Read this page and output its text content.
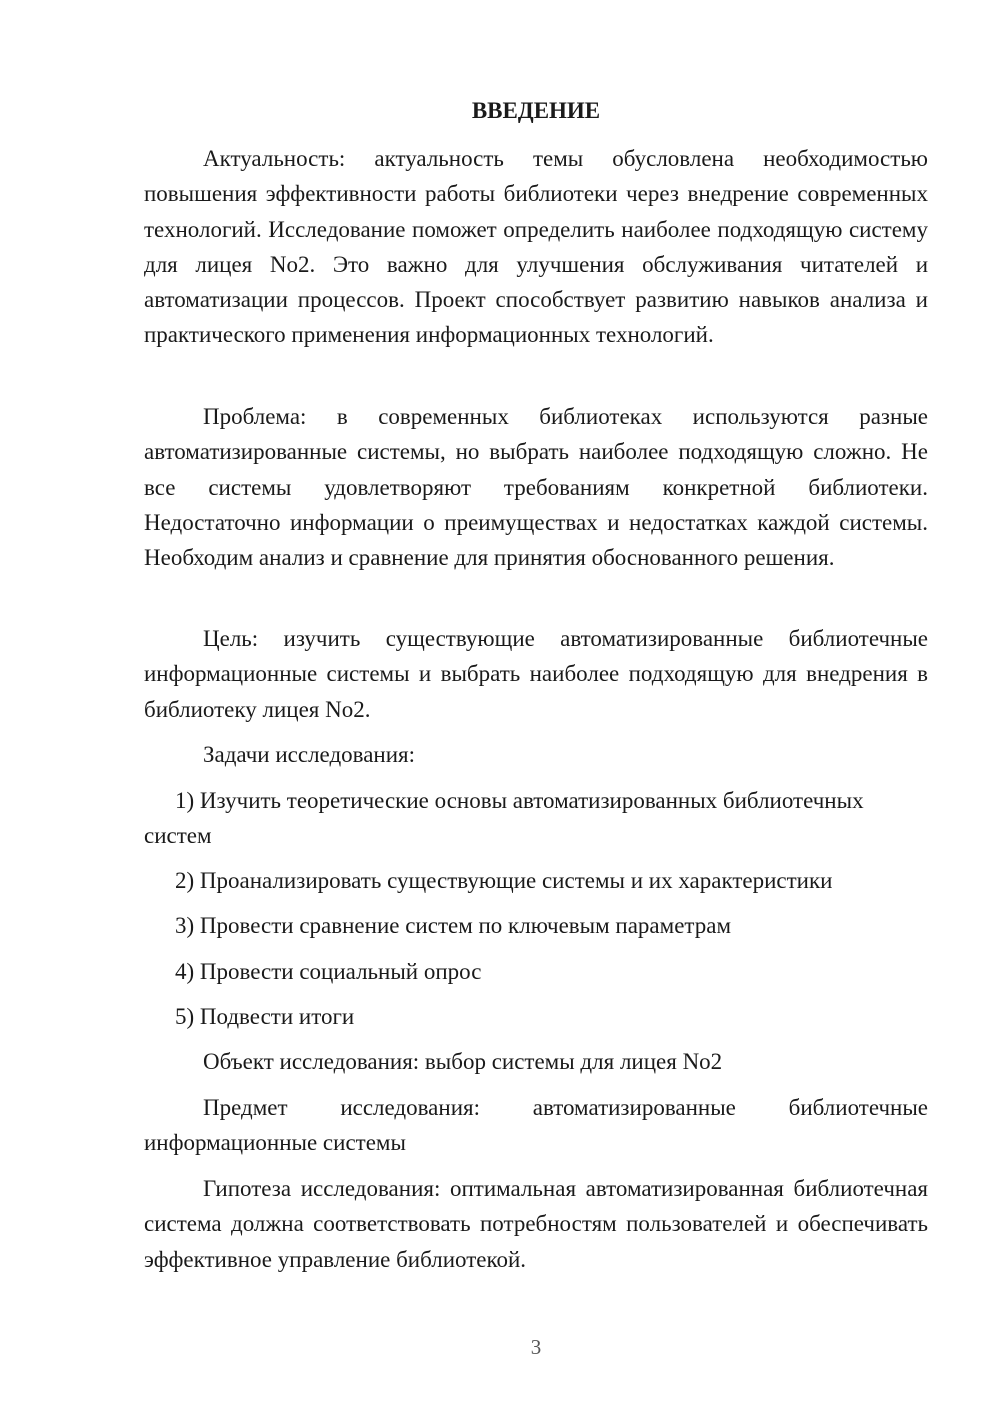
ВВЕДЕНИЕ

Актуальность: актуальность темы обусловлена необходимостью повышения эффективности работы библиотеки через внедрение современных технологий. Исследование поможет определить наиболее подходящую систему для лицея No2. Это важно для улучшения обслуживания читателей и автоматизации процессов. Проект способствует развитию навыков анализа и практического применения информационных технологий.

Проблема: в современных библиотеках используются разные автоматизированные системы, но выбрать наиболее подходящую сложно. Не все системы удовлетворяют требованиям конкретной библиотеки. Недостаточно информации о преимуществах и недостатках каждой системы. Необходим анализ и сравнение для принятия обоснованного решения.

Цель: изучить существующие автоматизированные библиотечные информационные системы и выбрать наиболее подходящую для внедрения в библиотеку лицея No2.

Задачи исследования:

1) Изучить теоретические основы автоматизированных библиотечных систем

2) Проанализировать существующие системы и их характеристики

3) Провести сравнение систем по ключевым параметрам

4) Провести социальный опрос

5) Подвести итоги

Объект исследования: выбор системы для лицея No2

Предмет исследования: автоматизированные библиотечные информационные системы

Гипотеза исследования: оптимальная автоматизированная библиотечная система должна соответствовать потребностям пользователей и обеспечивать эффективное управление библиотекой.

3
